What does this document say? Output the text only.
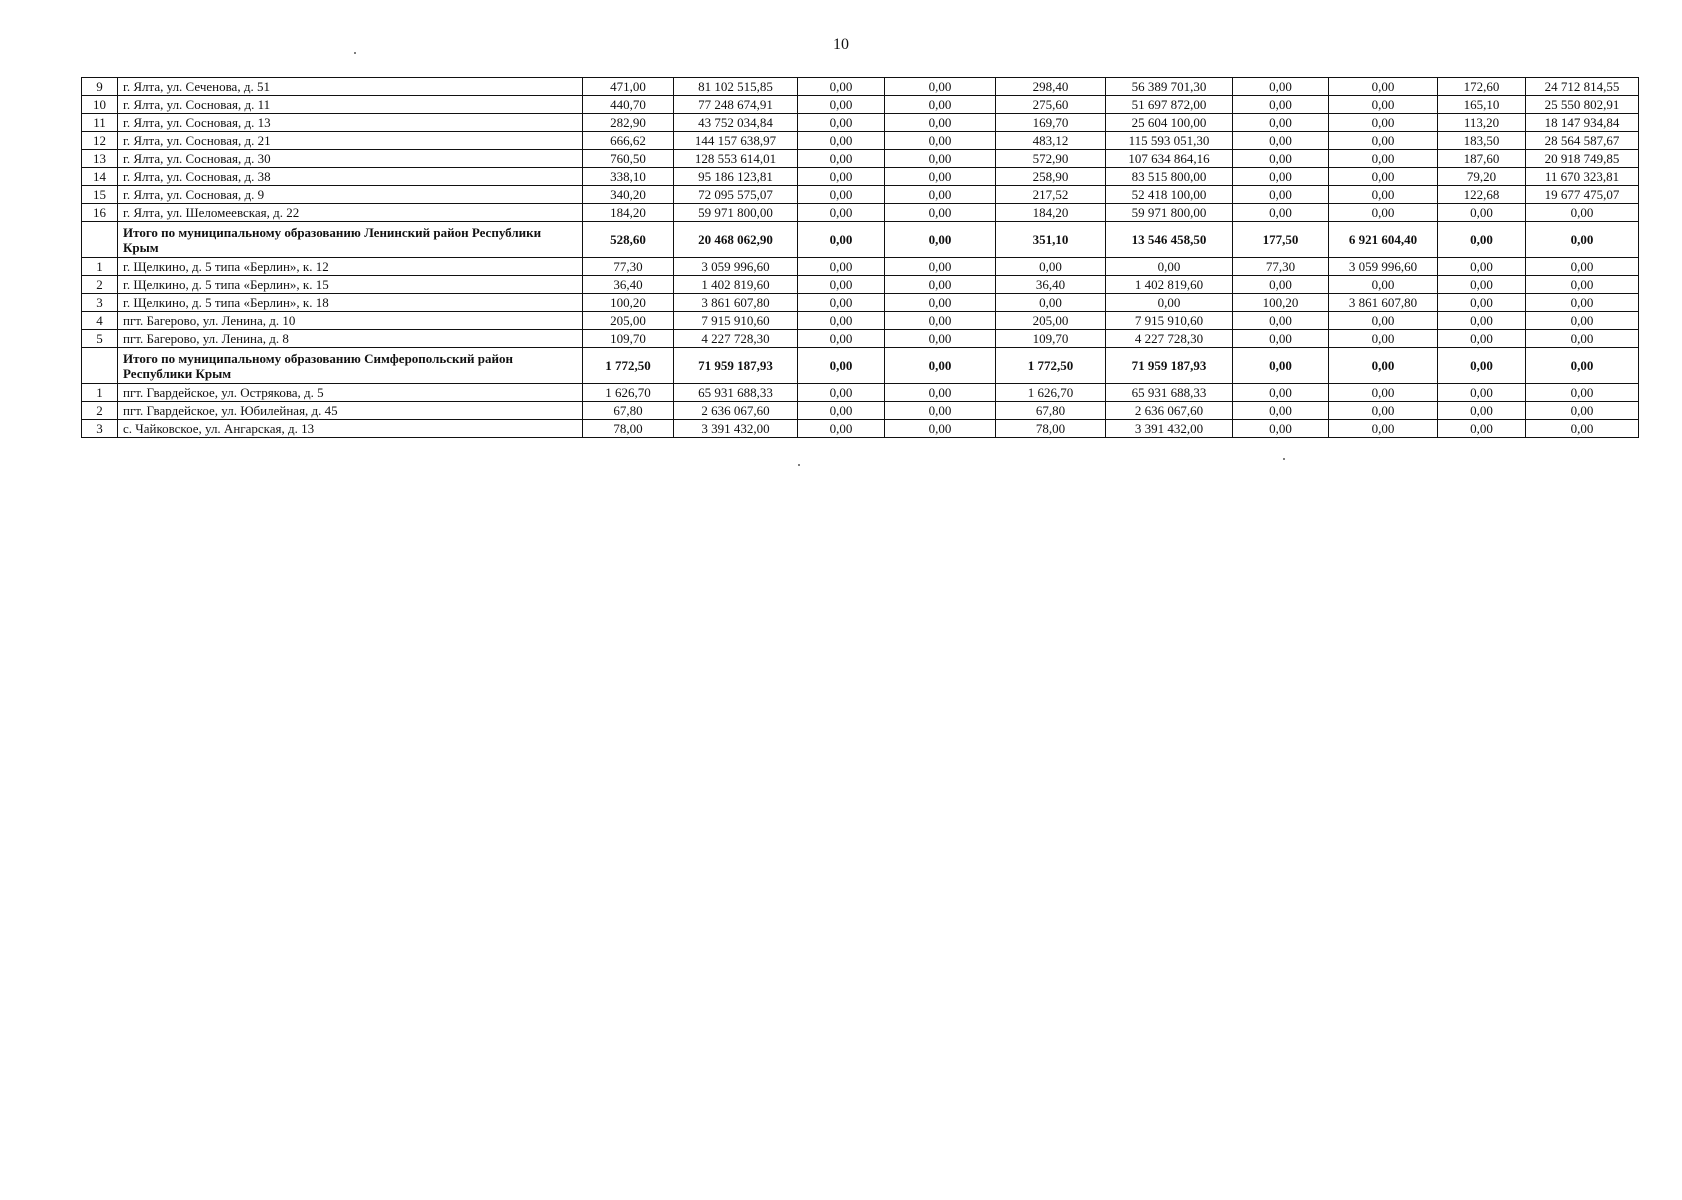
10
9	г. Ялта, ул. Сеченова, д. 51	471,00	81 102 515,85	0,00	0,00	298,40	56 389 701,30	0,00	0,00	172,60	24 712 814,55
10	г. Ялта, ул. Сосновая, д. 11	440,70	77 248 674,91	0,00	0,00	275,60	51 697 872,00	0,00	0,00	165,10	25 550 802,91
11	г. Ялта, ул. Сосновая, д. 13	282,90	43 752 034,84	0,00	0,00	169,70	25 604 100,00	0,00	0,00	113,20	18 147 934,84
12	г. Ялта, ул. Сосновая, д. 21	666,62	144 157 638,97	0,00	0,00	483,12	115 593 051,30	0,00	0,00	183,50	28 564 587,67
13	г. Ялта, ул. Сосновая, д. 30	760,50	128 553 614,01	0,00	0,00	572,90	107 634 864,16	0,00	0,00	187,60	20 918 749,85
14	г. Ялта, ул. Сосновая, д. 38	338,10	95 186 123,81	0,00	0,00	258,90	83 515 800,00	0,00	0,00	79,20	11 670 323,81
15	г. Ялта, ул. Сосновая, д. 9	340,20	72 095 575,07	0,00	0,00	217,52	52 418 100,00	0,00	0,00	122,68	19 677 475,07
16	г. Ялта, ул. Шеломеевская, д. 22	184,20	59 971 800,00	0,00	0,00	184,20	59 971 800,00	0,00	0,00	0,00	0,00
	Итого по муниципальному образованию Ленинский район Республики Крым	528,60	20 468 062,90	0,00	0,00	351,10	13 546 458,50	177,50	6 921 604,40	0,00	0,00
1	г. Щелкино, д. 5 типа «Берлин», к. 12	77,30	3 059 996,60	0,00	0,00	0,00	0,00	77,30	3 059 996,60	0,00	0,00
2	г. Щелкино, д. 5 типа «Берлин», к. 15	36,40	1 402 819,60	0,00	0,00	36,40	1 402 819,60	0,00	0,00	0,00	0,00
3	г. Щелкино, д. 5 типа «Берлин», к. 18	100,20	3 861 607,80	0,00	0,00	0,00	0,00	100,20	3 861 607,80	0,00	0,00
4	пгт. Багерово, ул. Ленина, д. 10	205,00	7 915 910,60	0,00	0,00	205,00	7 915 910,60	0,00	0,00	0,00	0,00
5	пгт. Багерово, ул. Ленина, д. 8	109,70	4 227 728,30	0,00	0,00	109,70	4 227 728,30	0,00	0,00	0,00	0,00
	Итого по муниципальному образованию Симферопольский район Республики Крым	1 772,50	71 959 187,93	0,00	0,00	1 772,50	71 959 187,93	0,00	0,00	0,00	0,00
1	пгт. Гвардейское, ул. Острякова, д. 5	1 626,70	65 931 688,33	0,00	0,00	1 626,70	65 931 688,33	0,00	0,00	0,00	0,00
2	пгт. Гвардейское, ул. Юбилейная, д. 45	67,80	2 636 067,60	0,00	0,00	67,80	2 636 067,60	0,00	0,00	0,00	0,00
3	с. Чайковское, ул. Ангарская, д. 13	78,00	3 391 432,00	0,00	0,00	78,00	3 391 432,00	0,00	0,00	0,00	0,00
